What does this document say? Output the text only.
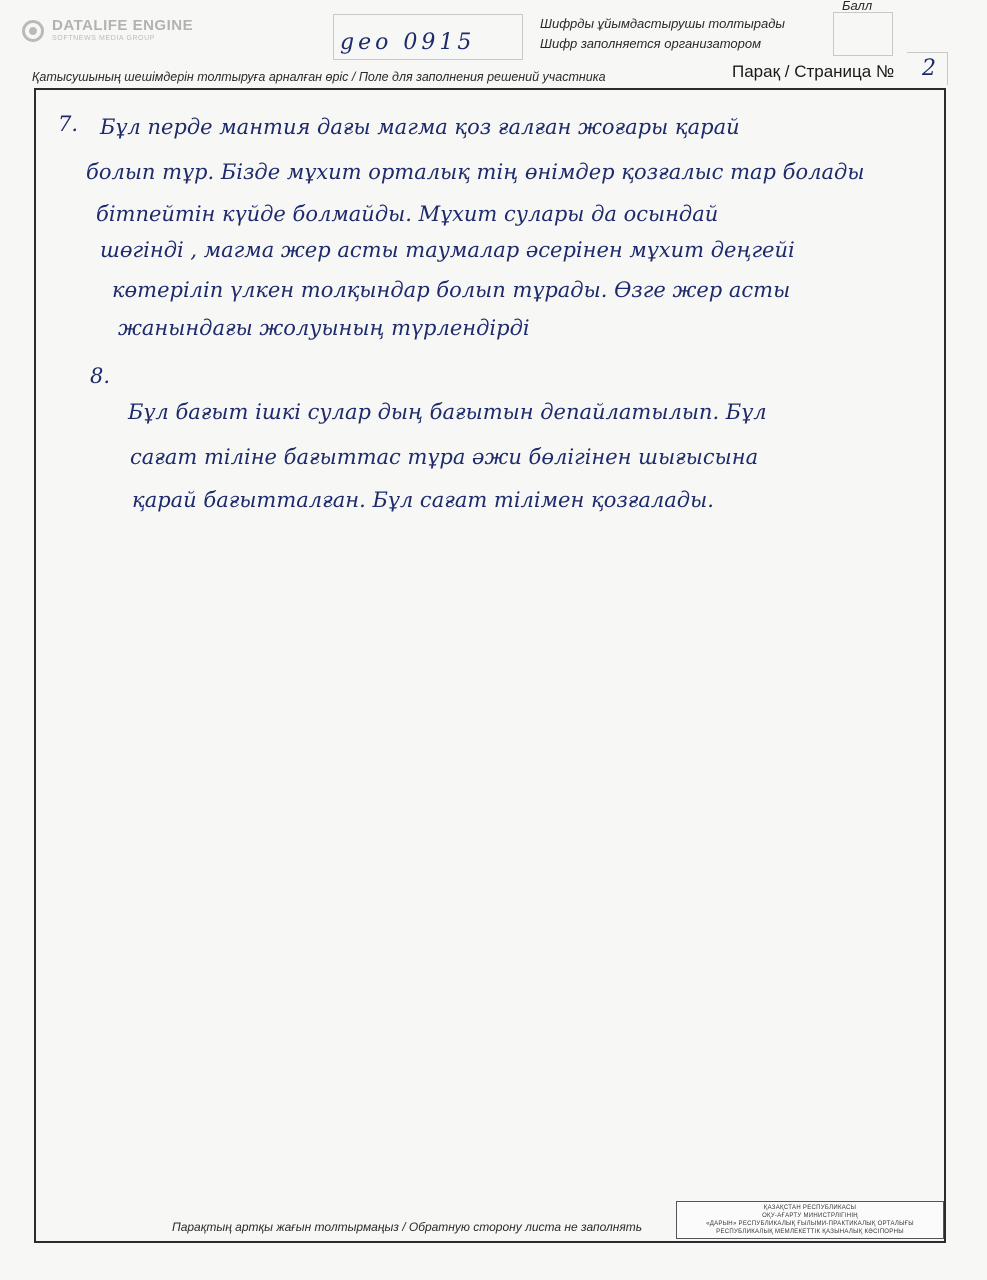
DATALIFE ENGINE
SOFTNEWS MEDIA GROUP	geo 0915
Шифрды ұйымдастырушы толтырады
Шифр заполняется организатором
Балл
Қатысушының шешімдерін толтыруға арналған өріс / Поле для заполнения решений участника	Парақ / Страница № 2
7. Бұл перде мантия дағы магма қоз ғалған жоғары қарай
болып тұр. Бізде мұхит орталық тің өнімдер қозғалыс тар болады
бітпейтін күйде болмайды. Мұхит сулары да осындай
шөгінді , магма жер асты таумалар әсерінен мұхит деңгейі
көтеріліп үлкен толқындар болып тұрады. Өзге жер асты
жанындағы жолуының түрлендірді
8.
Бұл бағыт ішкі сулар дың бағытын депайлатылып. Бұл
сағат тіліне бағыттас тұра әжи бөлігінен шығысына
қарай бағытталған. Бұл сағат тілімен қозғалады.
Парақтың артқы жағын толтырмаңыз / Обратную сторону листа не заполнять
ҚАЗАҚСТАН РЕСПУБЛИКАСЫ
ОҚУ-АҒАРТУ МИНИСТРЛІГІНІҢ
«ДАРЫН» РЕСПУБЛИКАЛЫҚ ҒЫЛЫМИ-ПРАКТИКАЛЫҚ ОРТАЛЫҒЫ
РЕСПУБЛИКАЛЫҚ МЕМЛЕКЕТТІК ҚАЗЫНАЛЫҚ КӘСІПОРНЫ
